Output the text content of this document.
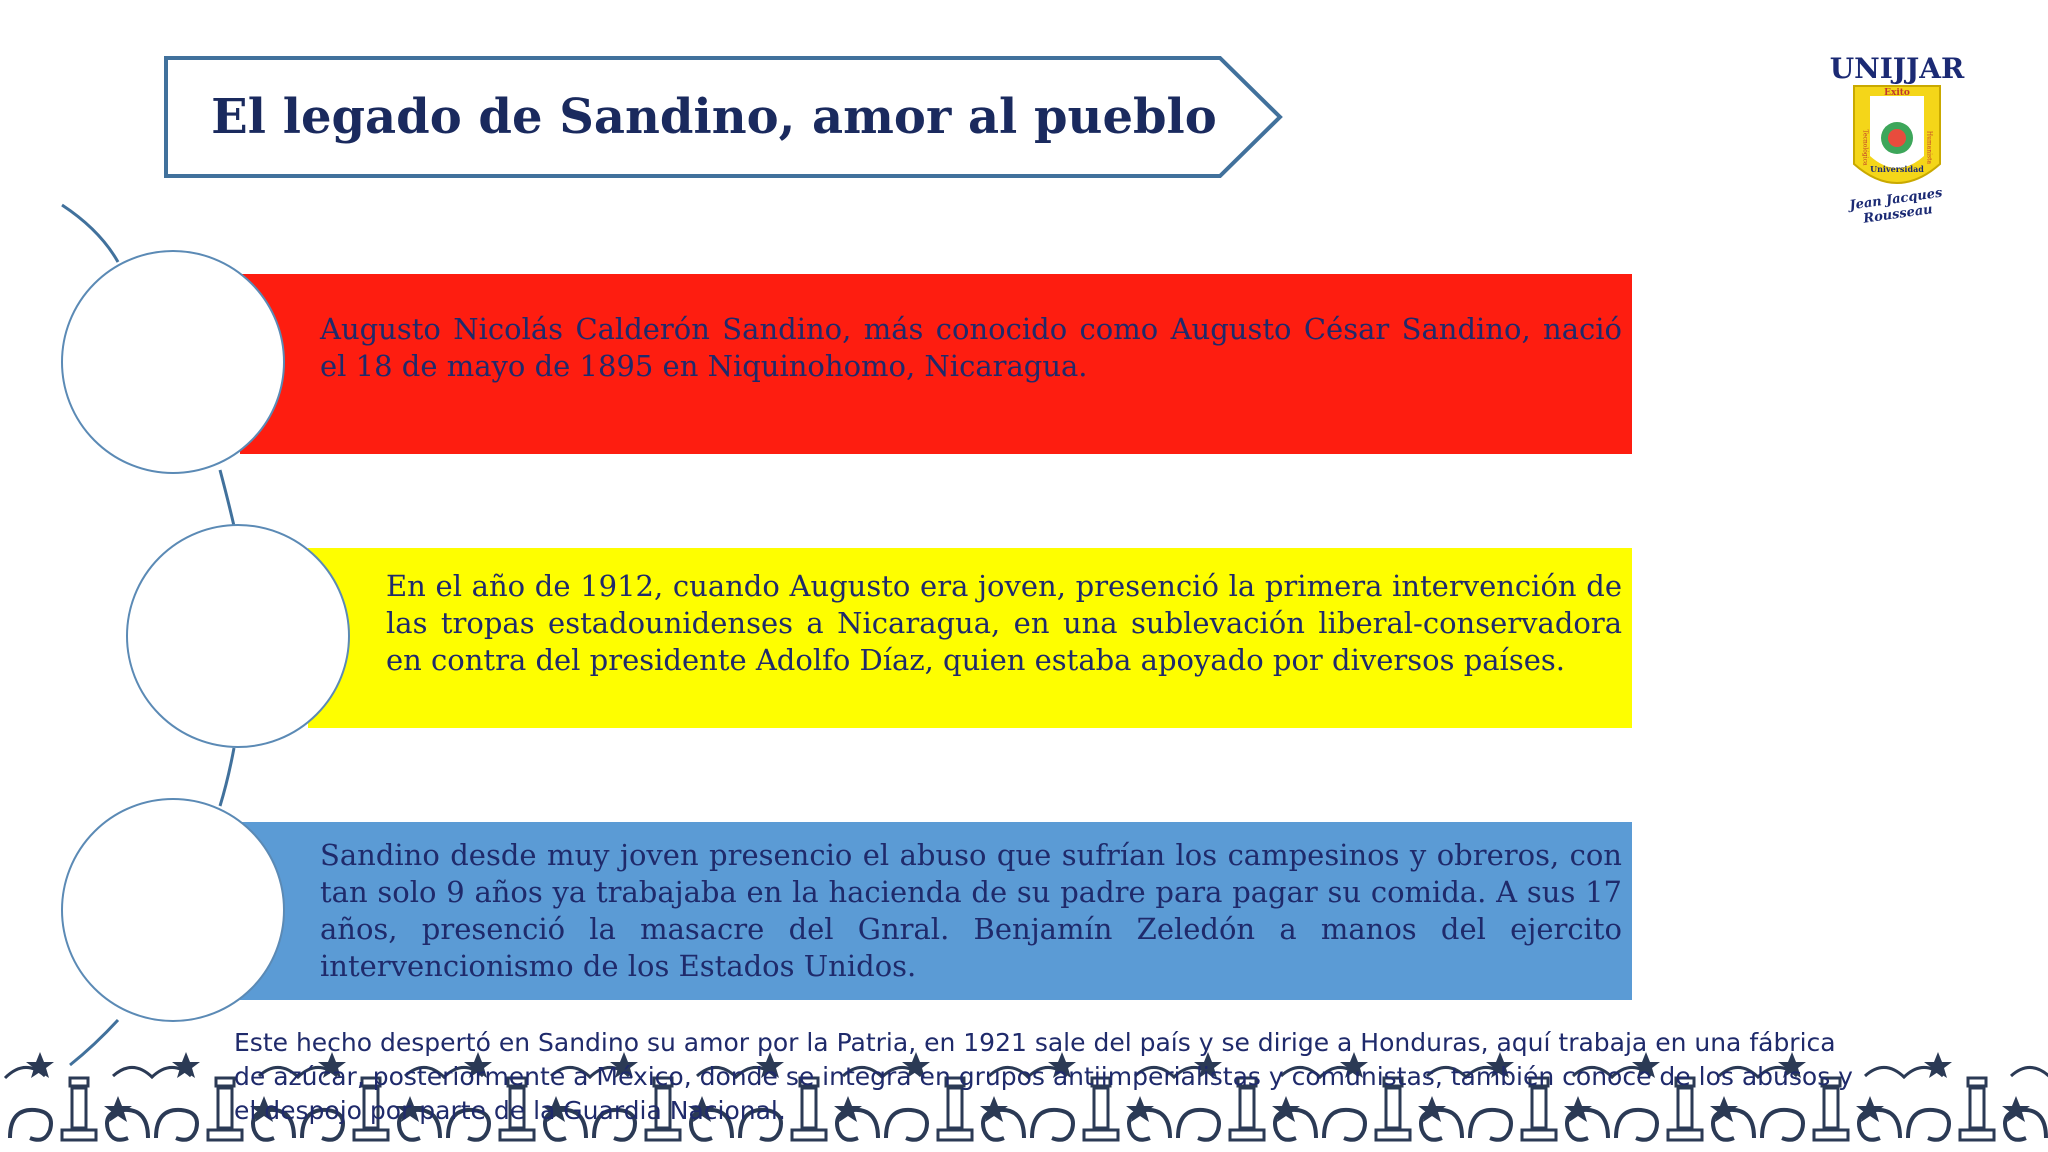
El legado de Sandino, amor al pueblo
UNIJJAR
Exito
Tecnológica	Humanista
Universidad
Jean Jacques Rousseau
Augusto Nicolás Calderón Sandino, más conocido como Augusto César Sandino, nació el 18 de mayo de 1895 en Niquinohomo, Nicaragua.
En el año de 1912, cuando Augusto era joven, presenció la primera intervención de las tropas estadounidenses a Nicaragua, en una sublevación liberal-conservadora en contra del presidente Adolfo Díaz, quien estaba apoyado por diversos países.
Sandino desde muy joven presencio el abuso que sufrían los campesinos y obreros, con tan solo 9 años ya trabajaba en la hacienda de su padre para pagar su comida. A sus 17 años, presenció la masacre del Gnral. Benjamín Zeledón a manos del ejercito intervencionismo de los Estados Unidos.
Este hecho despertó en Sandino su amor por la Patria, en 1921 sale del país y se dirige a Honduras, aquí trabaja en una fábrica de azúcar, posteriormente a México, donde se integra en grupos antiimperialistas y comunistas, también conoce de los abusos y el despojo por parte de la Guardia Nacional.
